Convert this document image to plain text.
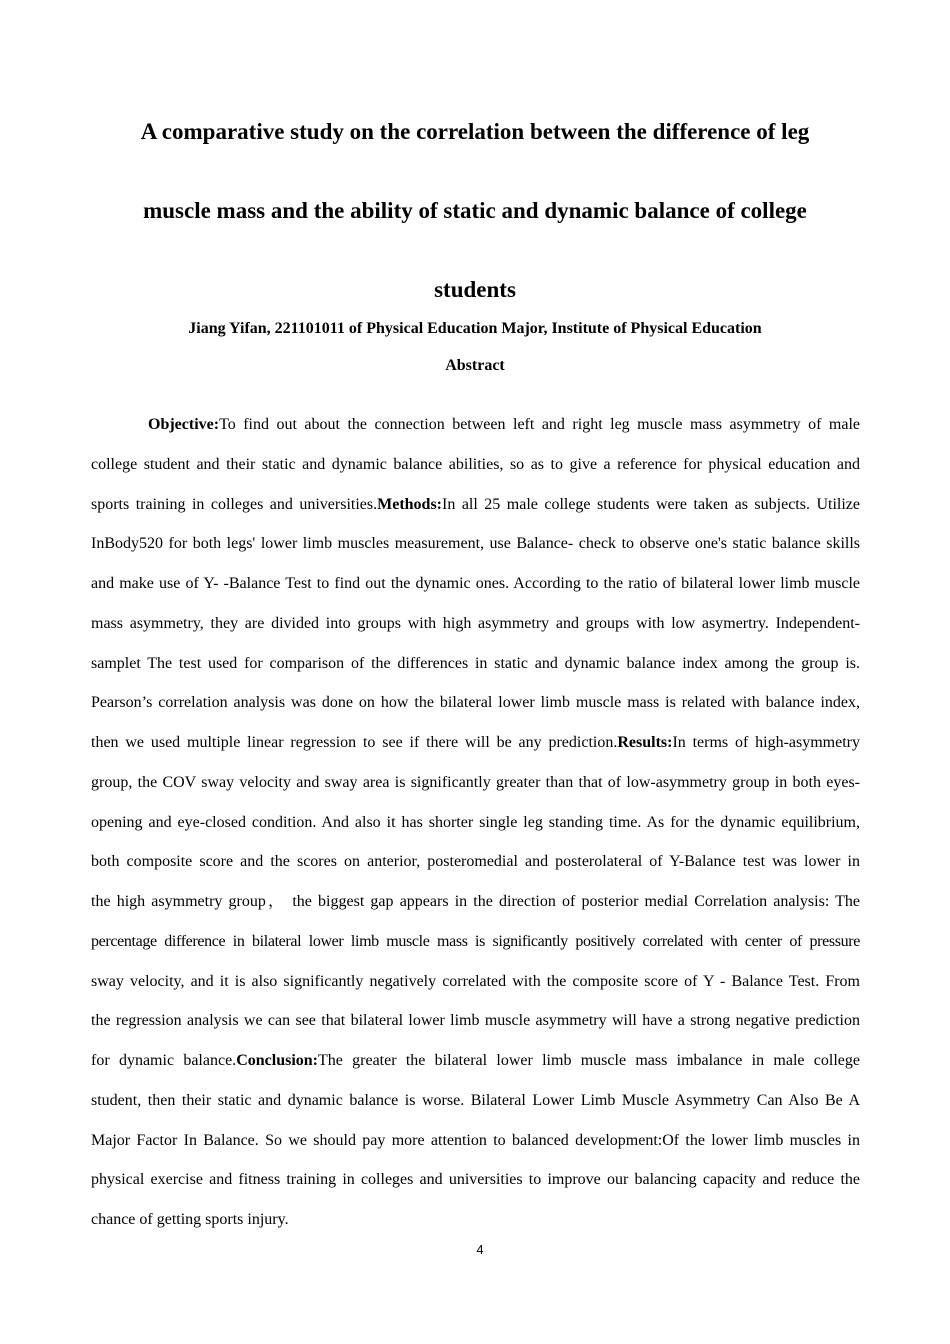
A comparative study on the correlation between the difference of leg
muscle mass and the ability of static and dynamic balance of college
students

Jiang Yifan, 221101011 of Physical Education Major, Institute of Physical Education

Abstract

Objective:To find out about the connection between left and right leg muscle mass asymmetry of male
college student and their static and dynamic balance abilities, so as to give a reference for physical education and
sports training in colleges and universities.Methods:In all 25 male college students were taken as subjects. Utilize
InBody520 for both legs' lower limb muscles measurement, use Balance- check to observe one's static balance skills
and make use of Y- -Balance Test to find out the dynamic ones. According to the ratio of bilateral lower limb muscle
mass asymmetry, they are divided into groups with high asymmetry and groups with low asymertry. Independent-
samplet The test used for comparison of the differences in static and dynamic balance index among the group is.
Pearson’s correlation analysis was done on how the bilateral lower limb muscle mass is related with balance index,
then we used multiple linear regression to see if there will be any prediction.Results:In terms of high-asymmetry
group, the COV sway velocity and sway area is significantly greater than that of low-asymmetry group in both eyes-
opening and eye-closed condition. And also it has shorter single leg standing time. As for the dynamic equilibrium,
both composite score and the scores on anterior, posteromedial and posterolateral of Y-Balance test was lower in
the high asymmetry group， the biggest gap appears in the direction of posterior medial Correlation analysis: The
percentage difference in bilateral lower limb muscle mass is significantly positively correlated with center of pressure
sway velocity, and it is also significantly negatively correlated with the composite score of Y - Balance Test. From
the regression analysis we can see that bilateral lower limb muscle asymmetry will have a strong negative prediction
for dynamic balance.Conclusion:The greater the bilateral lower limb muscle mass imbalance in male college
student, then their static and dynamic balance is worse. Bilateral Lower Limb Muscle Asymmetry Can Also Be A
Major Factor In Balance. So we should pay more attention to balanced development:Of the lower limb muscles in
physical exercise and fitness training in colleges and universities to improve our balancing capacity and reduce the
chance of getting sports injury.

4
